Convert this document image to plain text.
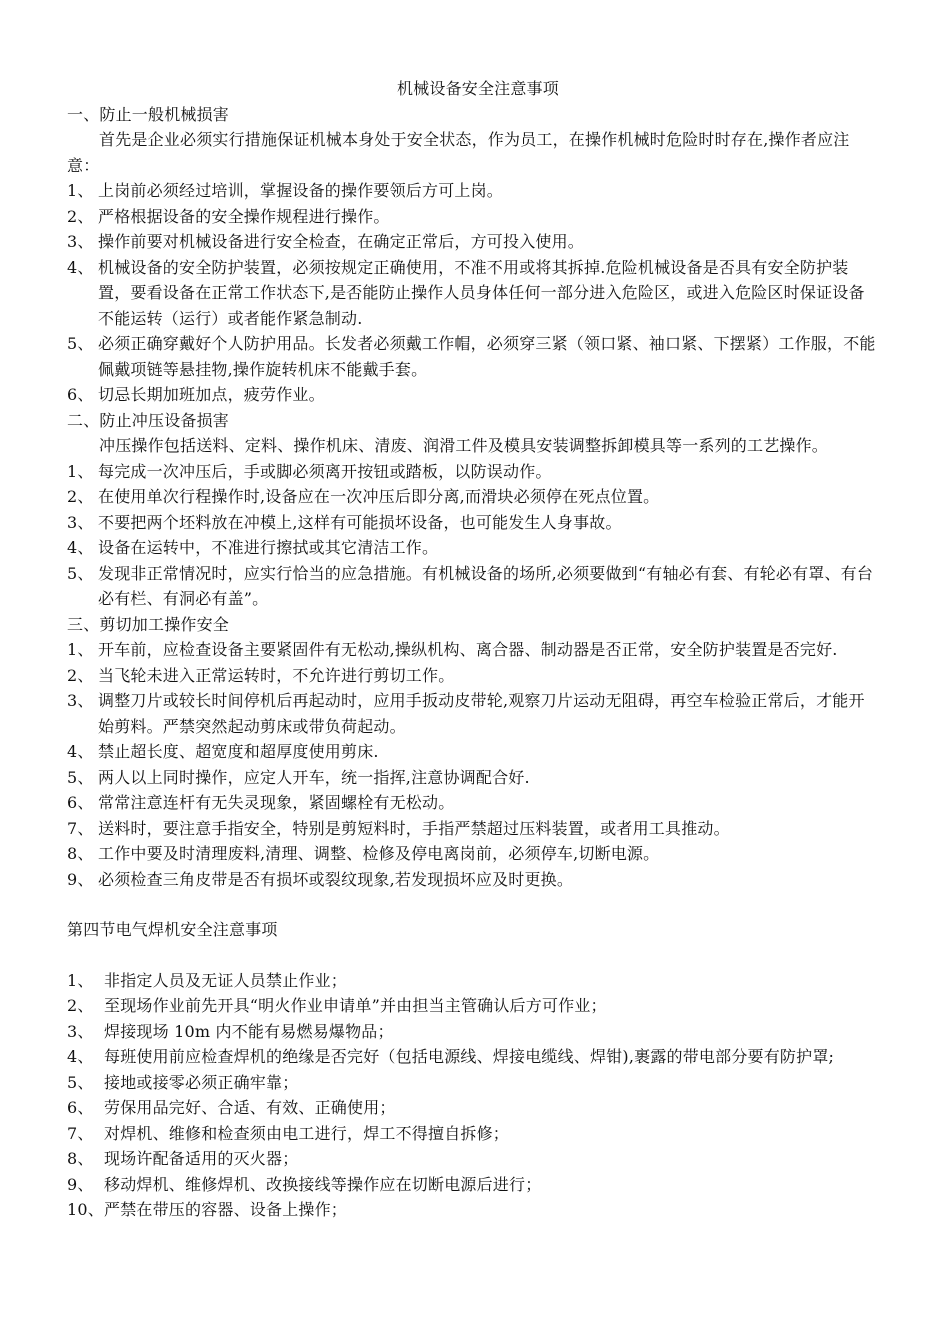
机械设备安全注意事项
一、防止一般机械损害
首先是企业必须实行措施保证机械本身处于安全状态，作为员工，在操作机械时危险时时存在,操作者应注意：
1、 上岗前必须经过培训，掌握设备的操作要领后方可上岗。
2、 严格根据设备的安全操作规程进行操作。
3、 操作前要对机械设备进行安全检查，在确定正常后，方可投入使用。
4、 机械设备的安全防护装置，必须按规定正确使用，不准不用或将其拆掉.危险机械设备是否具有安全防护装置，要看设备在正常工作状态下,是否能防止操作人员身体任何一部分进入危险区，或进入危险区时保证设备不能运转（运行）或者能作紧急制动.
5、 必须正确穿戴好个人防护用品。长发者必须戴工作帽，必须穿三紧（领口紧、袖口紧、下摆紧）工作服，不能佩戴项链等悬挂物,操作旋转机床不能戴手套。
6、 切忌长期加班加点，疲劳作业。
二、防止冲压设备损害
冲压操作包括送料、定料、操作机床、清废、润滑工件及模具安装调整拆卸模具等一系列的工艺操作。
1、 每完成一次冲压后，手或脚必须离开按钮或踏板，以防误动作。
2、 在使用单次行程操作时,设备应在一次冲压后即分离,而滑块必须停在死点位置。
3、 不要把两个坯料放在冲模上,这样有可能损坏设备，也可能发生人身事故。
4、 设备在运转中，不准进行擦拭或其它清洁工作。
5、 发现非正常情况时，应实行恰当的应急措施。有机械设备的场所,必须要做到“有轴必有套、有轮必有罩、有台必有栏、有洞必有盖”。
三、剪切加工操作安全
1、 开车前，应检查设备主要紧固件有无松动,操纵机构、离合器、制动器是否正常，安全防护装置是否完好.
2、 当飞轮未进入正常运转时，不允许进行剪切工作。
3、 调整刀片或较长时间停机后再起动时，应用手扳动皮带轮,观察刀片运动无阻碍，再空车检验正常后，才能开始剪料。严禁突然起动剪床或带负荷起动。
4、 禁止超长度、超宽度和超厚度使用剪床.
5、 两人以上同时操作，应定人开车，统一指挥,注意协调配合好.
6、 常常注意连杆有无失灵现象，紧固螺栓有无松动。
7、 送料时，要注意手指安全，特别是剪短料时，手指严禁超过压料装置，或者用工具推动。
8、 工作中要及时清理废料,清理、调整、检修及停电离岗前，必须停车,切断电源。
9、 必须检查三角皮带是否有损坏或裂纹现象,若发现损坏应及时更换。
第四节电气焊机安全注意事项
1、 非指定人员及无证人员禁止作业；
2、 至现场作业前先开具“明火作业申请单”并由担当主管确认后方可作业；
3、 焊接现场 10m 内不能有易燃易爆物品；
4、 每班使用前应检查焊机的绝缘是否完好（包括电源线、焊接电缆线、焊钳),裹露的带电部分要有防护罩;
5、 接地或接零必须正确牢靠；
6、 劳保用品完好、合适、有效、正确使用；
7、 对焊机、维修和检查须由电工进行，焊工不得擅自拆修；
8、 现场许配备适用的灭火器；
9、 移动焊机、维修焊机、改换接线等操作应在切断电源后进行；
10、 严禁在带压的容器、设备上操作；
